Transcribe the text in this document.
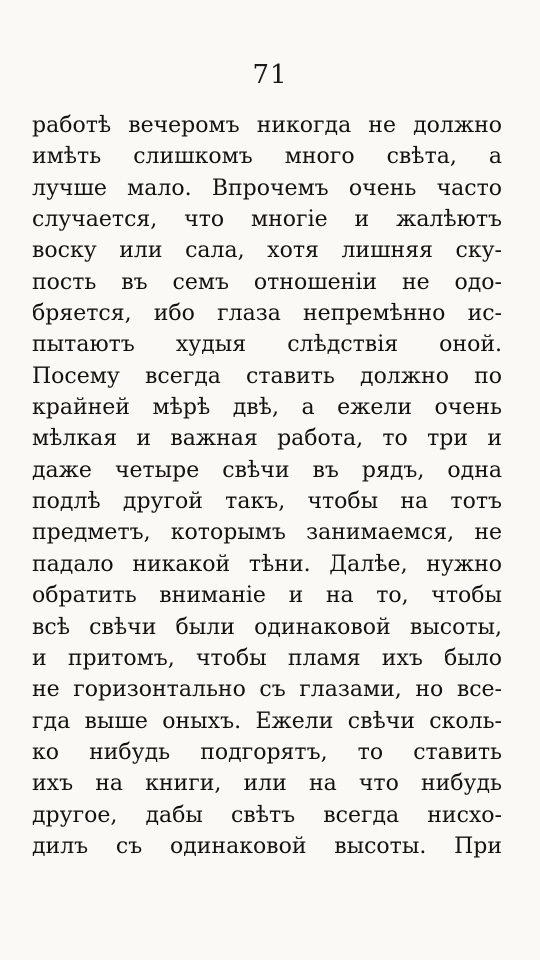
71
работѣ вечеромъ никогда не должно
имѣть слишкомъ много свѣта, а
лучше мало. Впрочемъ очень часто
случается, что многіе и жалѣютъ
воску или сала, хотя лишняя ску-
пость въ семъ отношеніи не одо-
бряется, ибо глаза непремѣнно ис-
пытаютъ худыя слѣдствія оной.
Посему всегда ставить должно по
крайней мѣрѣ двѣ, а ежели очень
мѣлкая и важная работа, то три и
даже четыре свѣчи въ рядъ, одна
подлѣ другой такъ, чтобы на тотъ
предметъ, которымъ занимаемся, не
падало никакой тѣни. Далѣе, нужно
обратить вниманіе и на то, чтобы
всѣ свѣчи были одинаковой высоты,
и притомъ, чтобы пламя ихъ было
не горизонтально съ глазами, но все-
гда выше оныхъ. Ежели свѣчи сколь-
ко нибудь подгорятъ, то ставить
ихъ на книги, или на что нибудь
другое, дабы свѣтъ всегда нисхо-
дилъ съ одинаковой высоты. При
